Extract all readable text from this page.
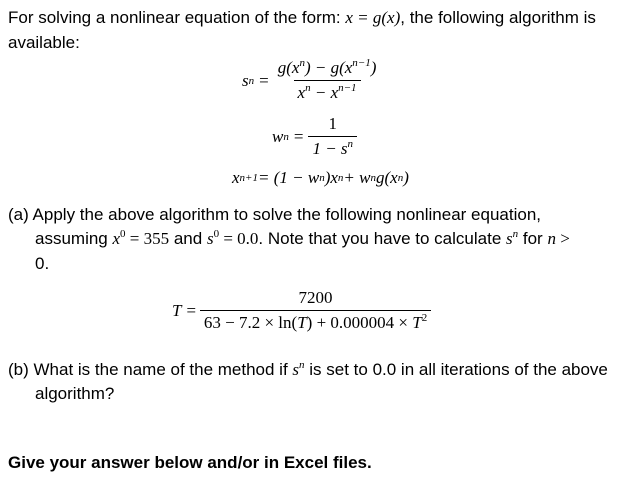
For solving a nonlinear equation of the form: x = g(x), the following algorithm is
available:
s $n = \frac{g(x^n) - g(x^{n-1})}{x^n - x^{n-1}}$
w $n = \frac{1}{1 - s^n}$
x n+1 = (1 − w n )x n + w n g(x n )
(a) Apply the above algorithm to solve the following nonlinear equation,
assuming $x^0 = 355$ and $s^0 = 0.0$. Note that you have to calculate $s^n$ for n >
0.
$T = \frac{7200}{63 - 7.2 \times \ln(T) + 0.000004 \times T^2}$
(b) What is the name of the method if $s^n$ is set to 0.0 in all iterations of the above
algorithm?
Give your answer below and/or in Excel files.
